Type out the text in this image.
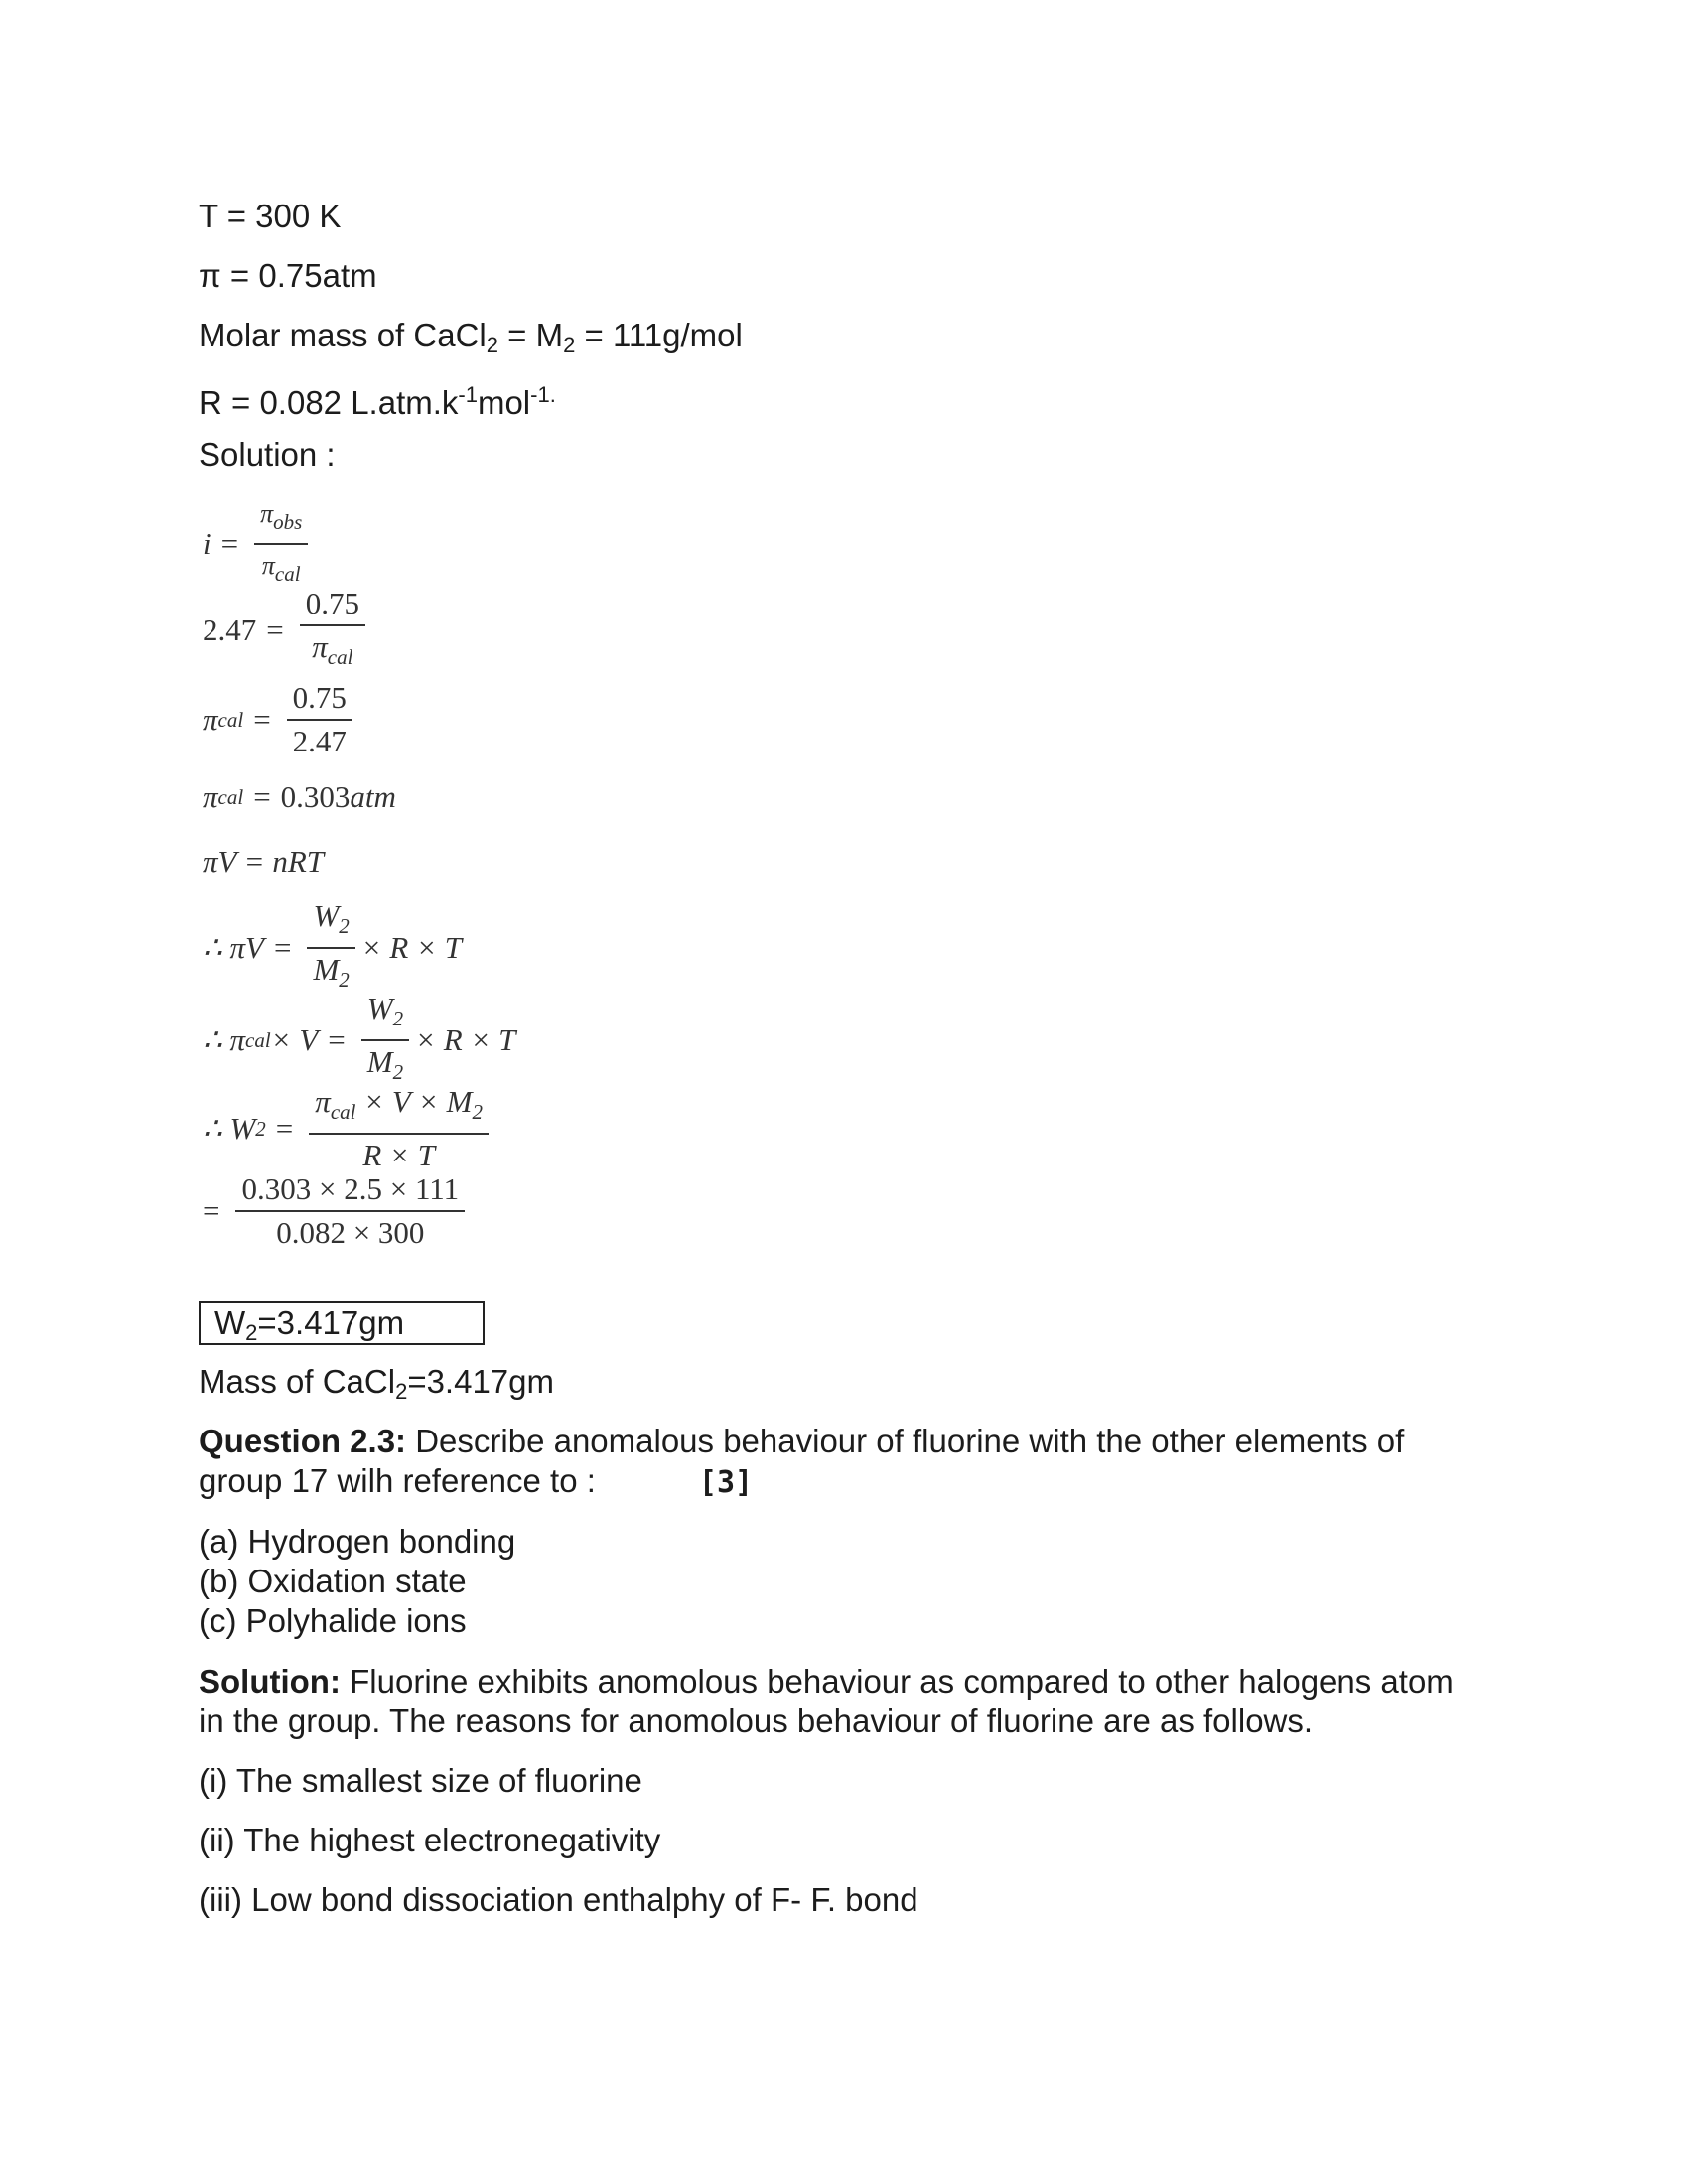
T = 300 K
π = 0.75atm
Molar mass of CaCl$_2$ = $M_2 = 111g/mol$
R = 0.082 $L.atm.k^{-1}mol^{-1.}$
Solution :
$i = \frac{\pi_{obs}}{\pi_{cal}}$
$2.47 = \frac{0.75}{\pi_{cal}}$
π cal = $\frac{0.75}{2.47}$
π cal = 0.303 atm
πV = nRT
∴ $\pi V = \frac{W_2}{M_2} \times R \times T$
∴ π cal × $V = \frac{W_2}{M_2} \times R \times T$
∴ W $2 = \frac{\pi_{cal} \times V \times M_2}{R \times T}$
= $\frac{0.303 \times 2.5 \times 111}{0.082 \times 300}$
$W_2=3.417gm$
Mass of CaCl$_2$=3.417gm
Question 2.3: Describe anomalous behaviour of fluorine with the other elements of
group 17 wilh reference to :	[3]
(a) Hydrogen bonding
(b) Oxidation state
(c) Polyhalide ions
Solution: Fluorine exhibits anomolous behaviour as compared to other halogens atom
in the group. The reasons for anomolous behaviour of fluorine are as follows.
(i) The smallest size of fluorine
(ii) The highest electronegativity
(iii) Low bond dissociation enthalphy of F- F. bond
